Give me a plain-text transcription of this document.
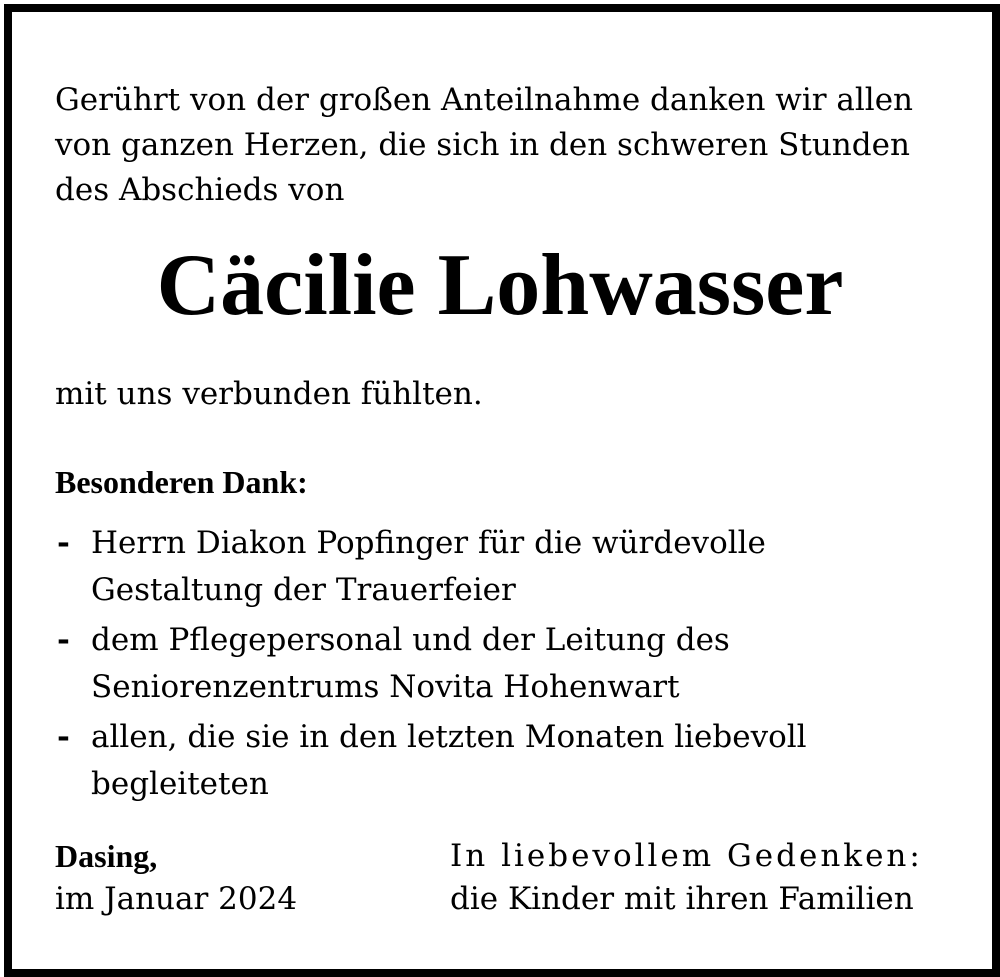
Gerührt von der großen Anteilnahme danken wir allen
von ganzen Herzen, die sich in den schweren Stunden
des Abschieds von

Cäcilie Lohwasser

mit uns verbunden fühlten.

Besonderen Dank:

- Herrn Diakon Popfinger für die würdevolle
Gestaltung der Trauerfeier
- dem Pflegepersonal und der Leitung des
Seniorenzentrums Novita Hohenwart
- allen, die sie in den letzten Monaten liebevoll
begleiteten

Dasing,

im Januar 2024

In liebevollem Gedenken:

die Kinder mit ihren Familien
